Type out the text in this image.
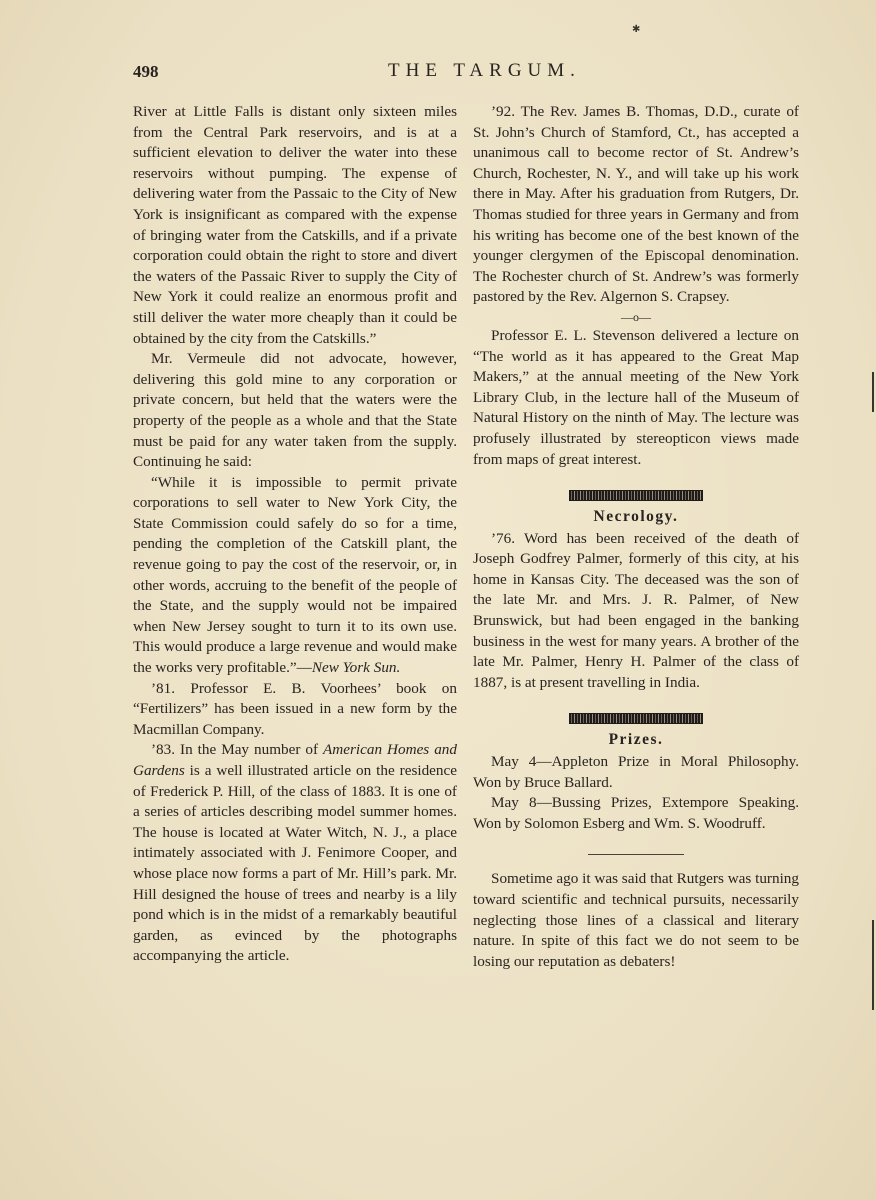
✱
498	THE TARGUM.

River at Little Falls is distant only sixteen miles from the Central Park reservoirs, and is at a sufficient elevation to deliver the water into these reservoirs without pumping. The expense of delivering water from the Passaic to the City of New York is insignificant as compared with the expense of bringing water from the Catskills, and if a private corporation could obtain the right to store and divert the waters of the Passaic River to supply the City of New York it could realize an enormous profit and still deliver the water more cheaply than it could be obtained by the city from the Catskills.”

Mr. Vermeule did not advocate, however, delivering this gold mine to any corporation or private concern, but held that the waters were the property of the people as a whole and that the State must be paid for any water taken from the supply. Continuing he said:

“While it is impossible to permit private corporations to sell water to New York City, the State Commission could safely do so for a time, pending the completion of the Catskill plant, the revenue going to pay the cost of the reservoir, or, in other words, accruing to the benefit of the people of the State, and the supply would not be impaired when New Jersey sought to turn it to its own use. This would produce a large revenue and would make the works very profitable.”—New York Sun.

’81. Professor E. B. Voorhees’ book on “Fertilizers” has been issued in a new form by the Macmillan Company.

’83. In the May number of American Homes and Gardens is a well illustrated article on the residence of Frederick P. Hill, of the class of 1883. It is one of a series of articles describing model summer homes. The house is located at Water Witch, N. J., a place intimately associated with J. Fenimore Cooper, and whose place now forms a part of Mr. Hill’s park. Mr. Hill designed the house of trees and nearby is a lily pond which is in the midst of a remarkably beautiful garden, as evinced by the photographs accompanying the article.

’92. The Rev. James B. Thomas, D.D., curate of St. John’s Church of Stamford, Ct., has accepted a unanimous call to become rector of St. Andrew’s Church, Rochester, N. Y., and will take up his work there in May. After his graduation from Rutgers, Dr. Thomas studied for three years in Germany and from his writing has become one of the best known of the younger clergymen of the Episcopal denomination. The Rochester church of St. Andrew’s was formerly pastored by the Rev. Algernon S. Crapsey.

—o—

Professor E. L. Stevenson delivered a lecture on “The world as it has appeared to the Great Map Makers,” at the annual meeting of the New York Library Club, in the lecture hall of the Museum of Natural History on the ninth of May. The lecture was profusely illustrated by stereopticon views made from maps of great interest.

Necrology.

’76. Word has been received of the death of Joseph Godfrey Palmer, formerly of this city, at his home in Kansas City. The deceased was the son of the late Mr. and Mrs. J. R. Palmer, of New Brunswick, but had been engaged in the banking business in the west for many years. A brother of the late Mr. Palmer, Henry H. Palmer of the class of 1887, is at present travelling in India.

Prizes.

May 4—Appleton Prize in Moral Philosophy. Won by Bruce Ballard.

May 8—Bussing Prizes, Extempore Speaking. Won by Solomon Esberg and Wm. S. Woodruff.

Sometime ago it was said that Rutgers was turning toward scientific and technical pursuits, necessarily neglecting those lines of a classical and literary nature. In spite of this fact we do not seem to be losing our reputation as debaters!
